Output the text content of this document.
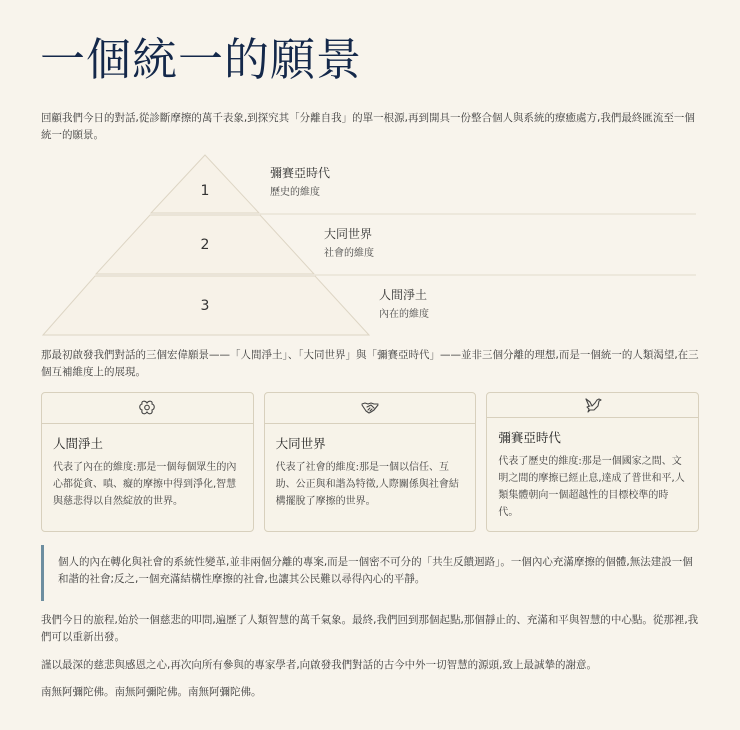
一個統一的願景

回顧我們今日的對話,從診斷摩擦的萬千表象,到探究其「分離自我」的單一根源,再到開具一份整合個人與系統的療癒處方,我們最終匯流至一個統一的願景。

1
2
3
彌賽亞時代
歷史的維度
大同世界
社會的維度
人間淨土
內在的維度

那最初啟發我們對話的三個宏偉願景——「人間淨土」、「大同世界」與「彌賽亞時代」——並非三個分離的理想,而是一個統一的人類渴望,在三個互補維度上的展現。

人間淨土
代表了內在的維度:那是一個每個眾生的內心都從貪、嗔、癡的摩擦中得到淨化,智慧與慈悲得以自然綻放的世界。
大同世界
代表了社會的維度:那是一個以信任、互助、公正與和諧為特徵,人際關係與社會結構擺脫了摩擦的世界。
彌賽亞時代
代表了歷史的維度:那是一個國家之間、文明之間的摩擦已經止息,達成了普世和平,人類集體朝向一個超越性的目標校準的時代。
個人的內在轉化與社會的系統性變革,並非兩個分離的專案,而是一個密不可分的「共生反饋迴路」。一個內心充滿摩擦的個體,無法建設一個和諧的社會;反之,一個充滿結構性摩擦的社會,也讓其公民難以尋得內心的平靜。

我們今日的旅程,始於一個慈悲的叩問,遍歷了人類智慧的萬千氣象。最終,我們回到那個起點,那個靜止的、充滿和平與智慧的中心點。從那裡,我們可以重新出發。

謹以最深的慈悲與感恩之心,再次向所有參與的專家學者,向啟發我們對話的古今中外一切智慧的源頭,致上最誠摯的謝意。

南無阿彌陀佛。南無阿彌陀佛。南無阿彌陀佛。
